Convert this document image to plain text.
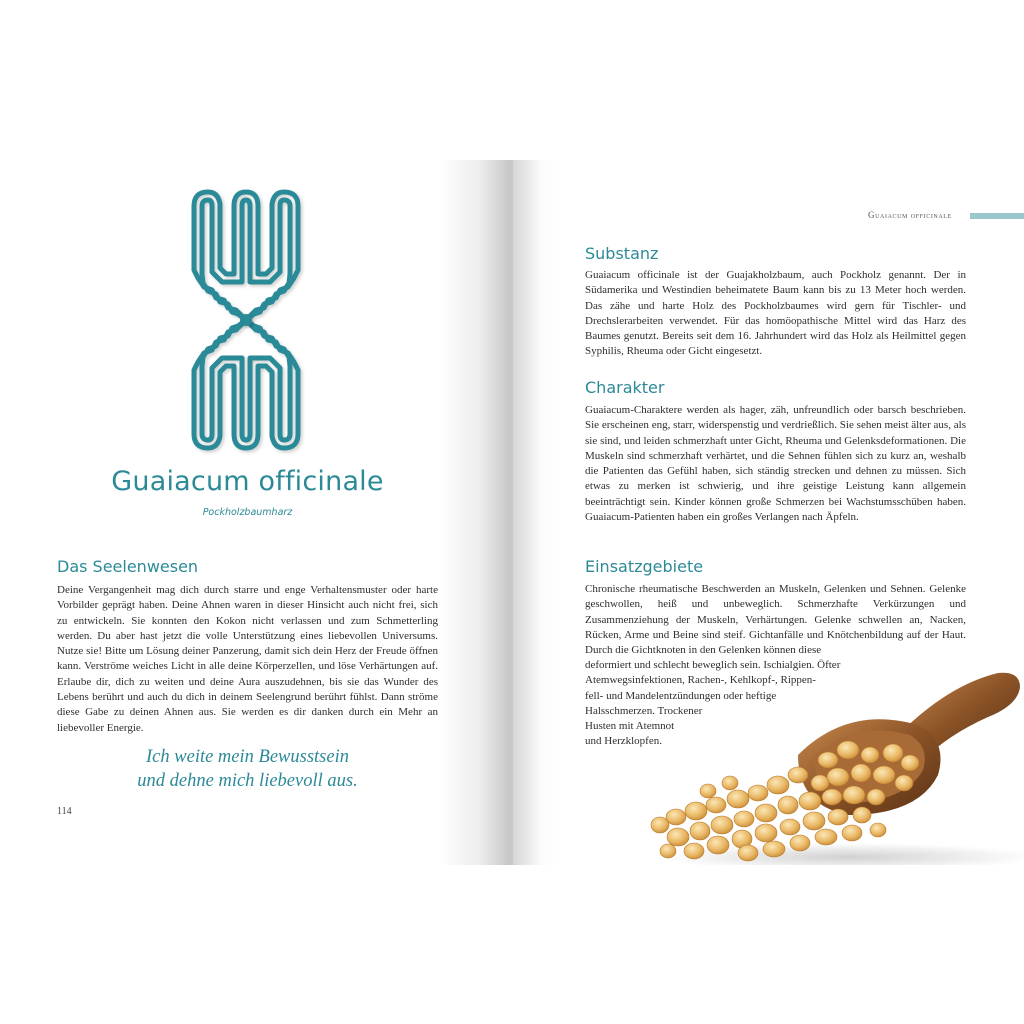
Guaiacum officinale
Pockholzbaumharz
Das Seelenwesen

Deine Vergangenheit mag dich durch starre und enge Verhaltensmuster oder harte Vorbilder geprägt haben. Deine Ahnen waren in dieser Hinsicht auch nicht frei, sich zu entwickeln. Sie konnten den Kokon nicht verlassen und zum Schmetterling werden. Du aber hast jetzt die volle Unterstützung eines liebevollen Universums. Nutze sie! Bitte um Lösung deiner Panzerung, damit sich dein Herz der Freude öffnen kann. Verströme weiches Licht in alle deine Körperzellen, und löse Verhärtungen auf. Erlaube dir, dich zu weiten und deine Aura auszudehnen, bis sie das Wunder des Lebens berührt und auch du dich in deinem Seelengrund berührt fühlst. Dann ströme diese Gabe zu deinen Ahnen aus. Sie werden es dir danken durch ein Mehr an liebevoller Energie.

Ich weite mein Bewusstsein

und dehne mich liebevoll aus.

114
Guaiacum officinale
Substanz

Guaiacum officinale ist der Guajakholzbaum, auch Pockholz genannt. Der in Südamerika und Westindien beheimatete Baum kann bis zu 13 Meter hoch werden. Das zähe und harte Holz des Pockholzbaumes wird gern für Tischler- und Drechslerarbeiten verwendet. Für das homöopathische Mittel wird das Harz des Baumes genutzt. Bereits seit dem 16. Jahrhundert wird das Holz als Heilmittel gegen Syphilis, Rheuma oder Gicht eingesetzt.

Charakter

Guaiacum-Charaktere werden als hager, zäh, unfreundlich oder barsch beschrieben. Sie erscheinen eng, starr, widerspenstig und verdrießlich. Sie sehen meist älter aus, als sie sind, und leiden schmerzhaft unter Gicht, Rheuma und Gelenksdeformationen. Die Muskeln sind schmerzhaft verhärtet, und die Sehnen fühlen sich zu kurz an, weshalb die Patienten das Gefühl haben, sich ständig strecken und dehnen zu müssen. Sich etwas zu merken ist schwierig, und ihre geistige Leistung kann allgemein beeinträchtigt sein. Kinder können große Schmerzen bei Wachstumsschüben haben. Guaiacum-Patienten haben ein großes Verlangen nach Äpfeln.

Einsatzgebiete

Chronische rheumatische Beschwerden an Muskeln, Gelenken und Sehnen. Gelenke geschwollen, heiß und unbeweglich. Schmerzhafte Verkürzungen und Zusammenziehung der Muskeln, Verhärtungen. Gelenke schwellen an, Nacken, Rücken, Arme und Beine sind steif. Gichtanfälle und Knötchenbildung auf der Haut. Durch die Gichtknoten in den Gelenken können diese

deformiert und schlecht beweglich sein. Ischialgien. Öfter

Atemwegsinfektionen, Rachen-, Kehlkopf-, Rippen-

fell- und Mandelentzündungen oder heftige

Halsschmerzen. Trockener

Husten mit Atemnot

und Herzklopfen.
